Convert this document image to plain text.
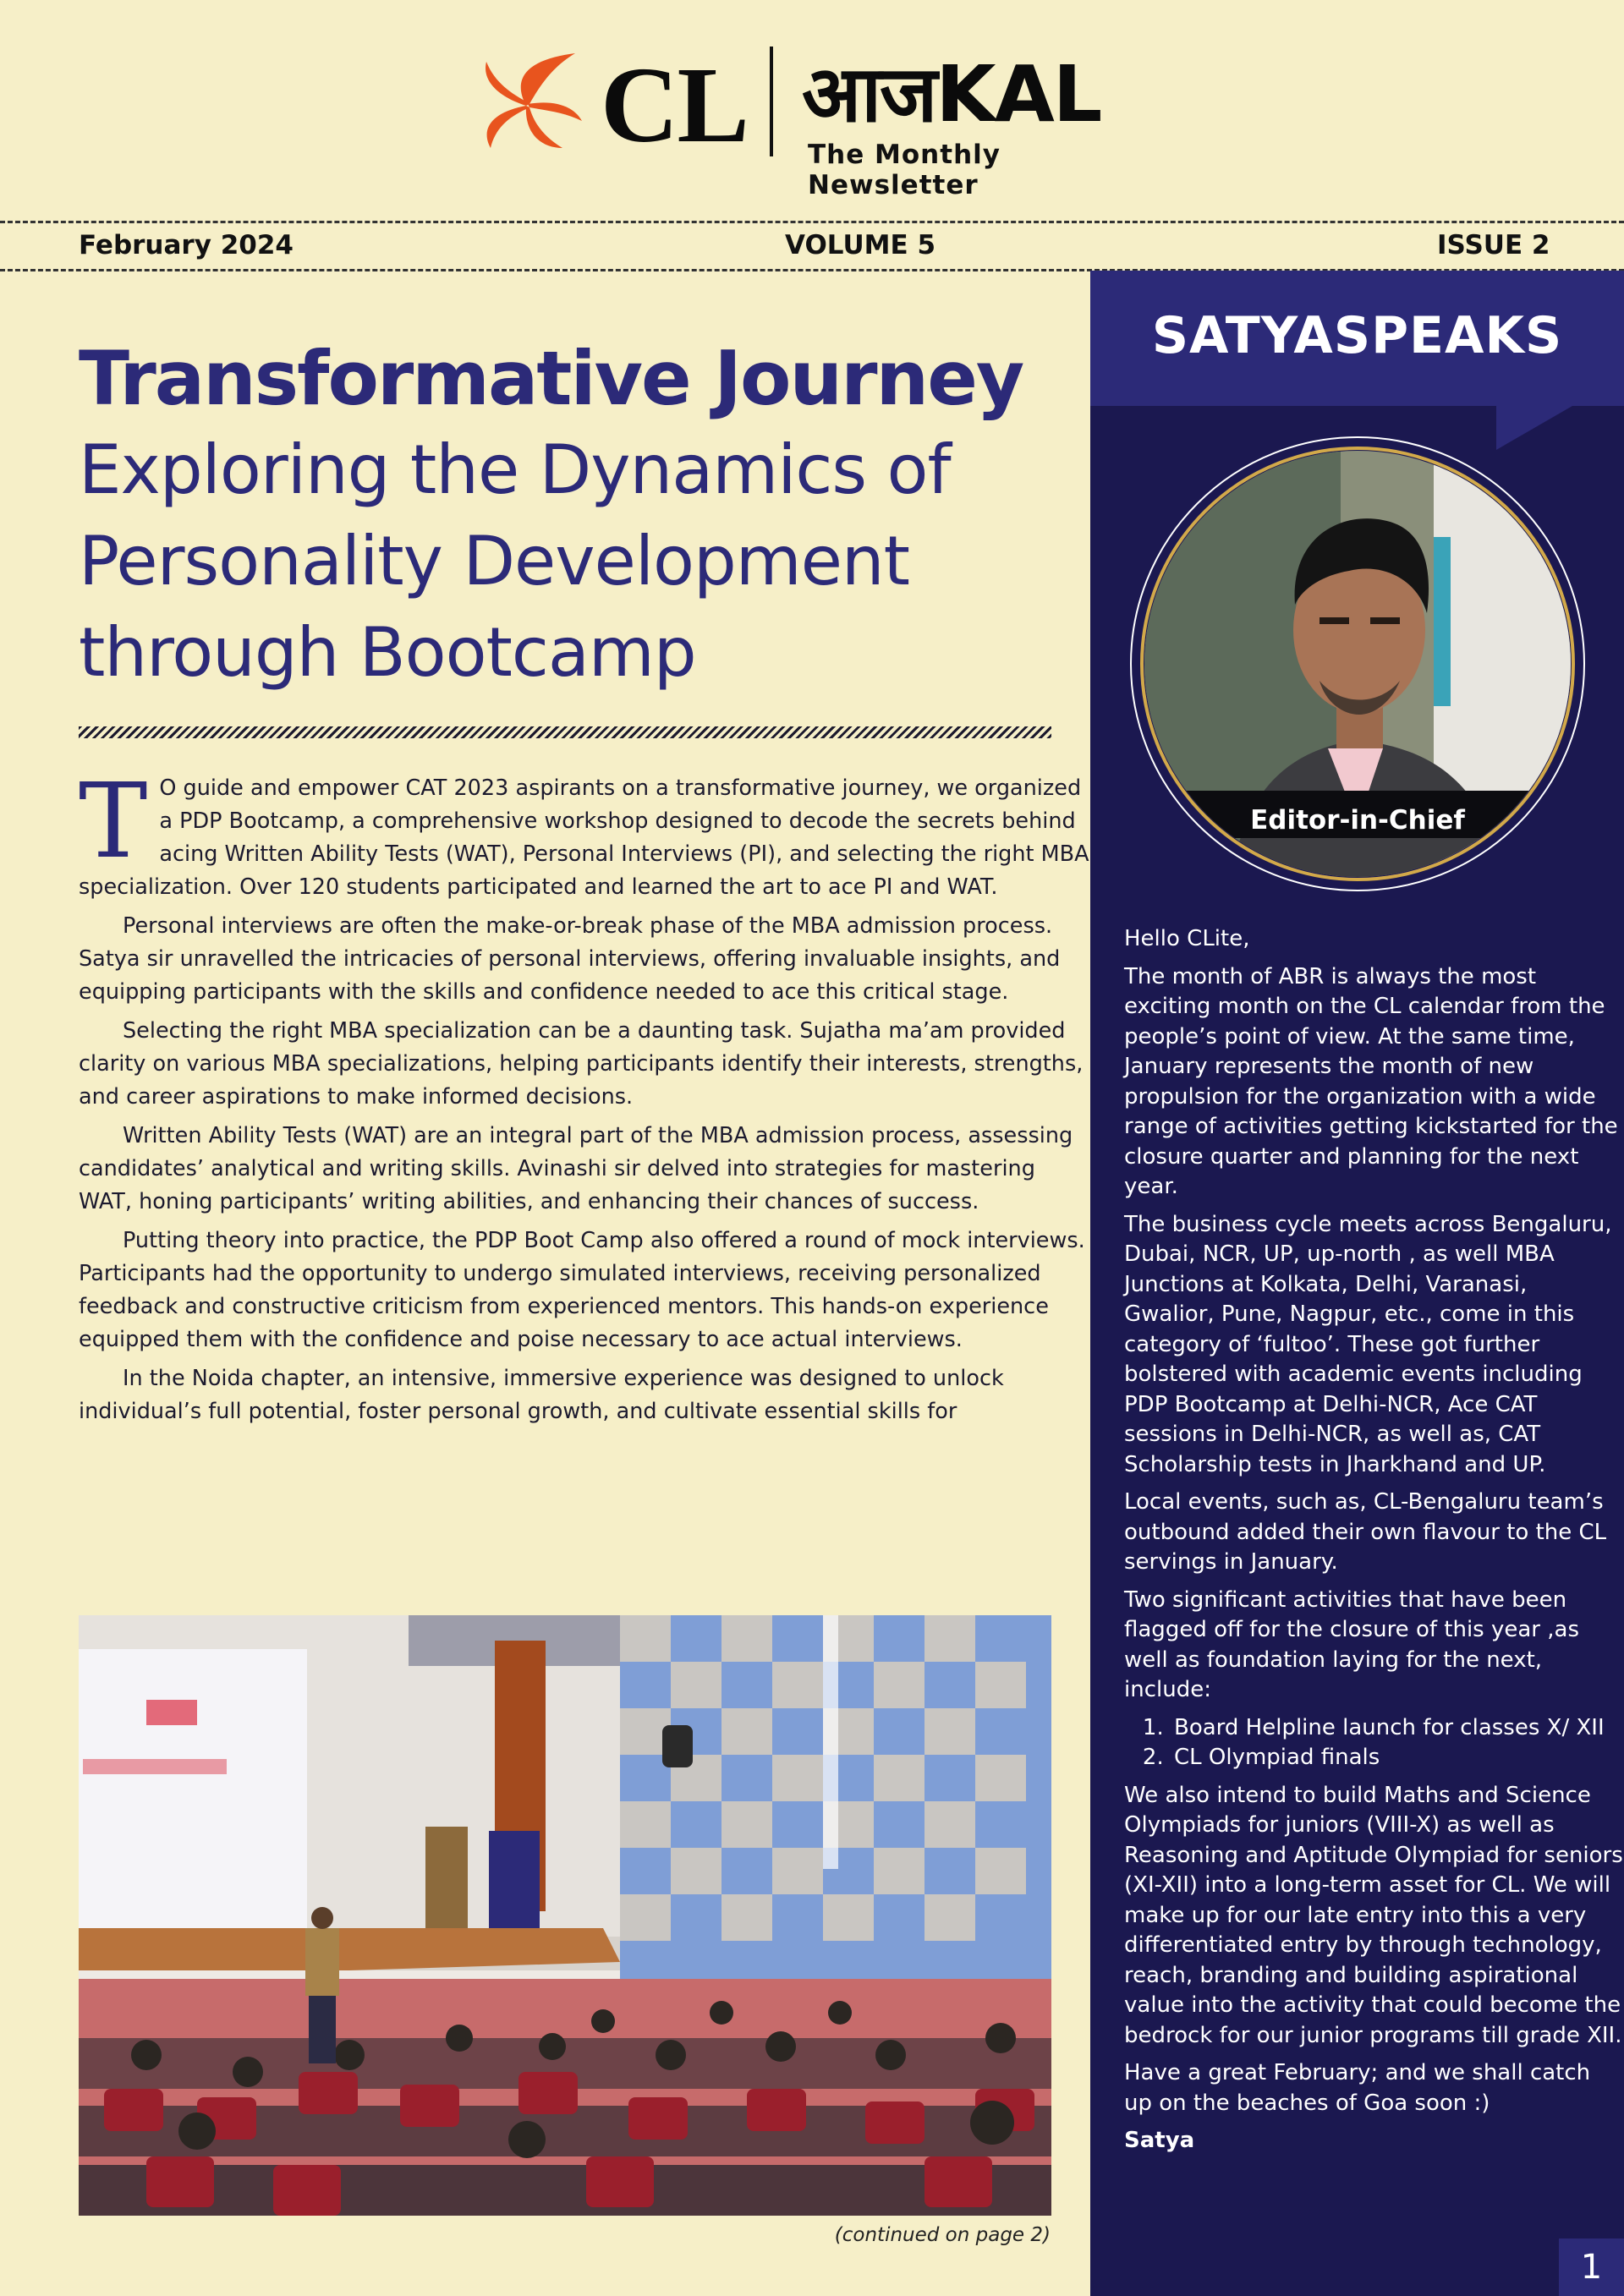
CL आजKAL
The Monthly Newsletter
February 2024	VOLUME 5	ISSUE 2
Transformative Journey
Exploring the Dynamics of Personality Development through Bootcamp

T O guide and empower CAT 2023 aspirants on a transformative journey, we organized a PDP Bootcamp, a comprehensive workshop designed to decode the secrets behind acing Written Ability Tests (WAT), Personal Interviews (PI), and selecting the right MBA specialization. Over 120 students participated and learned the art to ace PI and WAT.

Personal interviews are often the make-or-break phase of the MBA admission process. Satya sir unravelled the intricacies of personal interviews, offering invaluable insights, and equipping participants with the skills and confidence needed to ace this critical stage.

Selecting the right MBA specialization can be a daunting task. Sujatha ma’am provided clarity on various MBA specializations, helping participants identify their interests, strengths, and career aspirations to make informed decisions.

Written Ability Tests (WAT) are an integral part of the MBA admission process, assessing candidates’ analytical and writing skills. Avinashi sir delved into strategies for mastering WAT, honing participants’ writing abilities, and enhancing their chances of success.

Putting theory into practice, the PDP Boot Camp also offered a round of mock interviews. Participants had the opportunity to undergo simulated interviews, receiving personalized feedback and constructive criticism from experienced mentors. This hands-on experience equipped them with the confidence and poise necessary to ace actual interviews.

In the Noida chapter, an intensive, immersive experience was designed to unlock individual’s full potential, foster personal growth, and cultivate essential skills for

(continued on page 2)
SATYASPEAKS
Editor-in-Chief

Hello CLite,

The month of ABR is always the most exciting month on the CL calendar from the people’s point of view. At the same time, January represents the month of new propulsion for the organization with a wide range of activities getting kickstarted for the closure quarter and planning for the next year.

The business cycle meets across Bengaluru, Dubai, NCR, UP, up-north , as well MBA Junctions at Kolkata, Delhi, Varanasi, Gwalior, Pune, Nagpur, etc., come in this category of ‘fultoo’. These got further bolstered with academic events including PDP Bootcamp at Delhi-NCR, Ace CAT sessions in Delhi-NCR, as well as, CAT Scholarship tests in Jharkhand and UP.

Local events, such as, CL-Bengaluru team’s outbound added their own flavour to the CL servings in January.

Two significant activities that have been flagged off for the closure of this year ,as well as foundation laying for the next, include:

1. Board Helpline launch for classes X/ XII
2. CL Olympiad finals

We also intend to build Maths and Science Olympiads for juniors (VIII-X) as well as Reasoning and Aptitude Olympiad for seniors (XI-XII) into a long-term asset for CL. We will make up for our late entry into this a very differentiated entry by through technology, reach, branding and building aspirational value into the activity that could become the bedrock for our junior programs till grade XII.

Have a great February; and we shall catch up on the beaches of Goa soon :)

Satya

1
